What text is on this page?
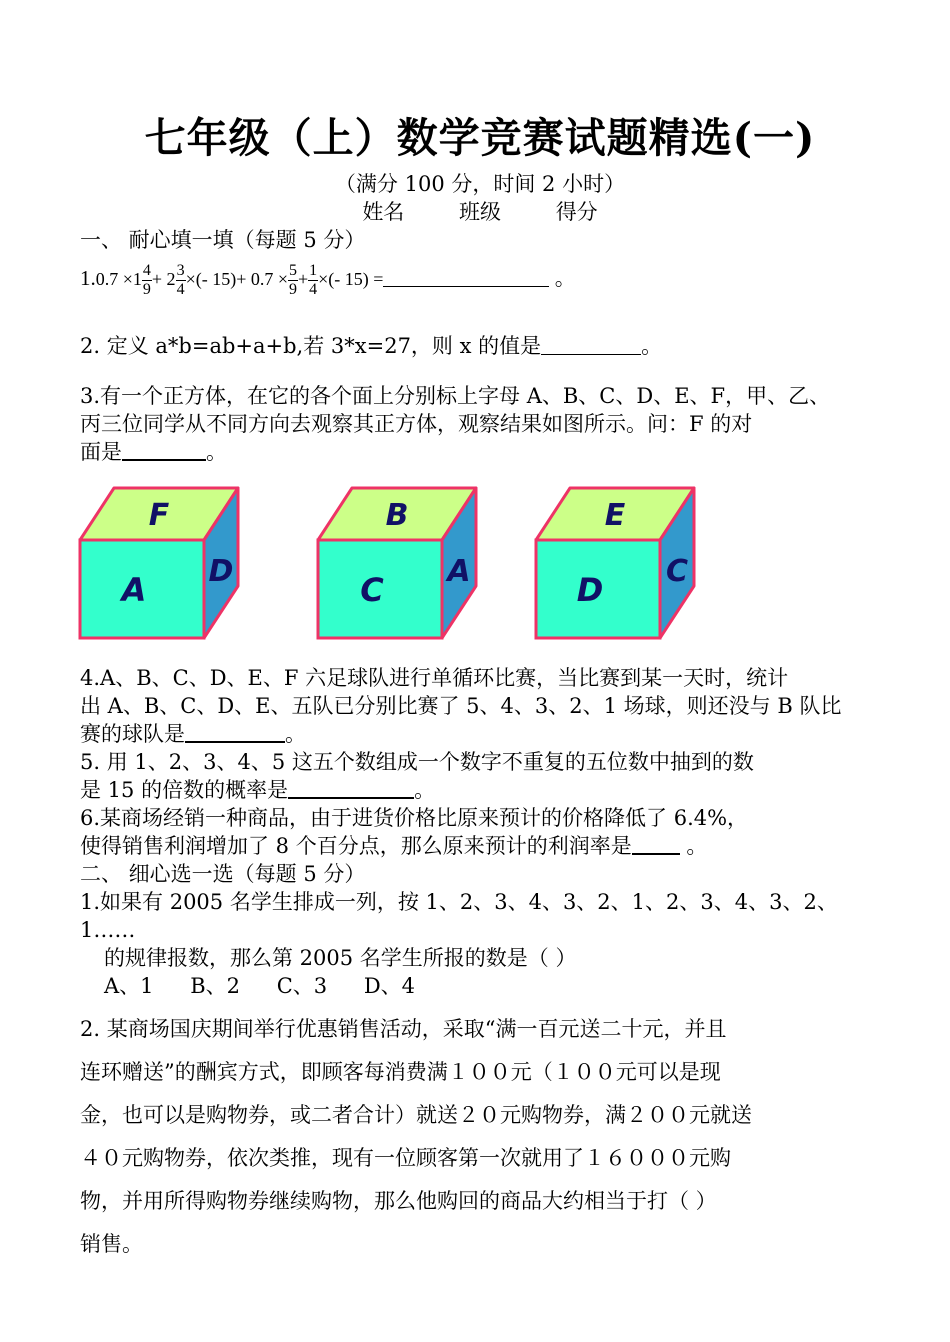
七年级（上）数学竞赛试题精选(一)
（满分 100 分，时间 2 小时）
姓名	班级	得分
一、 耐心填一填（每题 5 分）
$1.0.7 \times 1 \frac{4}{9} + 2 \frac{3}{4}$ ×(- $15)+ 0.7 \times \frac{5}{9} + \frac{1}{4}$ ×(- 15) =	。

2. 定义 a*b=ab+a+b,若 3*x=27，则 x 的值是	。

3.有一个正方体，在它的各个面上分别标上字母 A、B、C、D、E、F，甲、乙、

丙三位同学从不同方向去观察其正方体，观察结果如图所示。问：F 的对

面是	。

F
A D
B
C A
E
D C

4.A、B、C、D、E、F 六足球队进行单循环比赛，当比赛到某一天时，统计

出 A、B、C、D、E、五队已分别比赛了 5、4、3、2、1 场球，则还没与 B 队比

赛的球队是	。

5. 用 1、2、3、4、5 这五个数组成一个数字不重复的五位数中抽到的数

是 15 的倍数的概率是	。

6.某商场经销一种商品，由于进货价格比原来预计的价格降低了 6.4%，

使得销售利润增加了 8 个百分点，那么原来预计的利润率是 。

二、 细心选一选（每题 5 分）

1.如果有 2005 名学生排成一列，按 1、2、3、4、3、2、1、2、3、4、3、2、1……

的规律报数，那么第 2005 名学生所报的数是（ ）

A、1 B、2 C、3 D、4

2. 某商场国庆期间举行优惠销售活动，采取“满一百元送二十元，并且

连环赠送”的酬宾方式，即顾客每消费满１００元（１００元可以是现

金，也可以是购物券，或二者合计）就送２０元购物券，满２００元就送

４０元购物券，依次类推，现有一位顾客第一次就用了１６０００元购

物，并用所得购物券继续购物，那么他购回的商品大约相当于打（ ）

销售。
